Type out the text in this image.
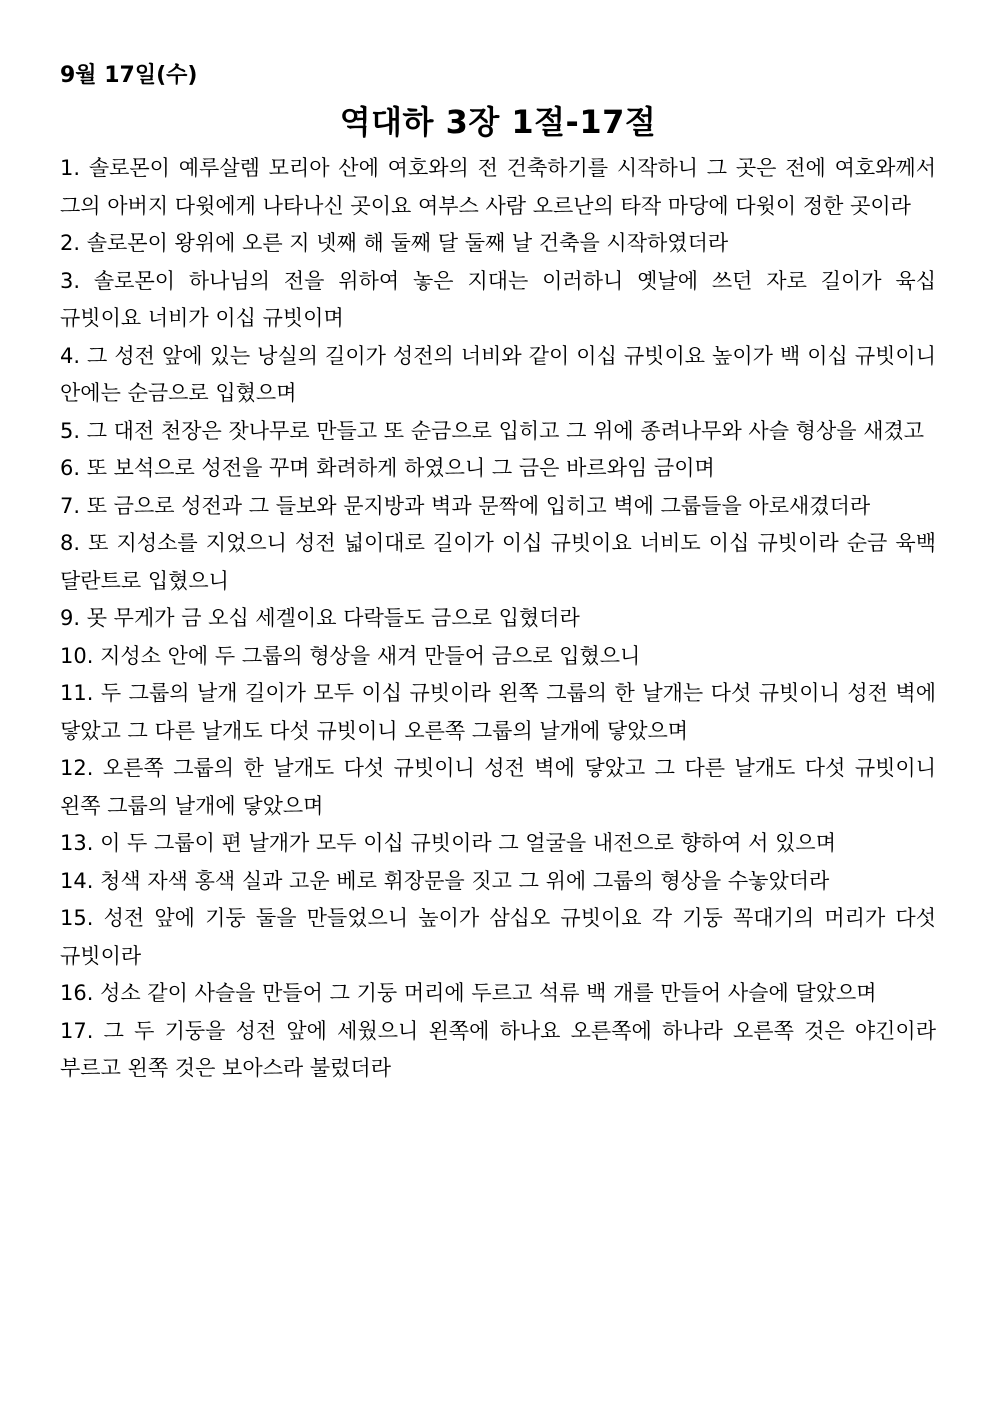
9월 17일(수)
역대하 3장 1절-17절

1. 솔로몬이 예루살렘 모리아 산에 여호와의 전 건축하기를 시작하니 그 곳은 전에 여호와께서 그의 아버지 다윗에게 나타나신 곳이요 여부스 사람 오르난의 타작 마당에 다윗이 정한 곳이라

2. 솔로몬이 왕위에 오른 지 넷째 해 둘째 달 둘째 날 건축을 시작하였더라

3. 솔로몬이 하나님의 전을 위하여 놓은 지대는 이러하니 옛날에 쓰던 자로 길이가 육십 규빗이요 너비가 이십 규빗이며

4. 그 성전 앞에 있는 낭실의 길이가 성전의 너비와 같이 이십 규빗이요 높이가 백 이십 규빗이니 안에는 순금으로 입혔으며

5. 그 대전 천장은 잣나무로 만들고 또 순금으로 입히고 그 위에 종려나무와 사슬 형상을 새겼고

6. 또 보석으로 성전을 꾸며 화려하게 하였으니 그 금은 바르와임 금이며

7. 또 금으로 성전과 그 들보와 문지방과 벽과 문짝에 입히고 벽에 그룹들을 아로새겼더라

8. 또 지성소를 지었으니 성전 넓이대로 길이가 이십 규빗이요 너비도 이십 규빗이라 순금 육백 달란트로 입혔으니

9. 못 무게가 금 오십 세겔이요 다락들도 금으로 입혔더라

10. 지성소 안에 두 그룹의 형상을 새겨 만들어 금으로 입혔으니

11. 두 그룹의 날개 길이가 모두 이십 규빗이라 왼쪽 그룹의 한 날개는 다섯 규빗이니 성전 벽에 닿았고 그 다른 날개도 다섯 규빗이니 오른쪽 그룹의 날개에 닿았으며

12. 오른쪽 그룹의 한 날개도 다섯 규빗이니 성전 벽에 닿았고 그 다른 날개도 다섯 규빗이니 왼쪽 그룹의 날개에 닿았으며

13. 이 두 그룹이 편 날개가 모두 이십 규빗이라 그 얼굴을 내전으로 향하여 서 있으며

14. 청색 자색 홍색 실과 고운 베로 휘장문을 짓고 그 위에 그룹의 형상을 수놓았더라

15. 성전 앞에 기둥 둘을 만들었으니 높이가 삼십오 규빗이요 각 기둥 꼭대기의 머리가 다섯 규빗이라

16. 성소 같이 사슬을 만들어 그 기둥 머리에 두르고 석류 백 개를 만들어 사슬에 달았으며

17. 그 두 기둥을 성전 앞에 세웠으니 왼쪽에 하나요 오른쪽에 하나라 오른쪽 것은 야긴이라 부르고 왼쪽 것은 보아스라 불렀더라
